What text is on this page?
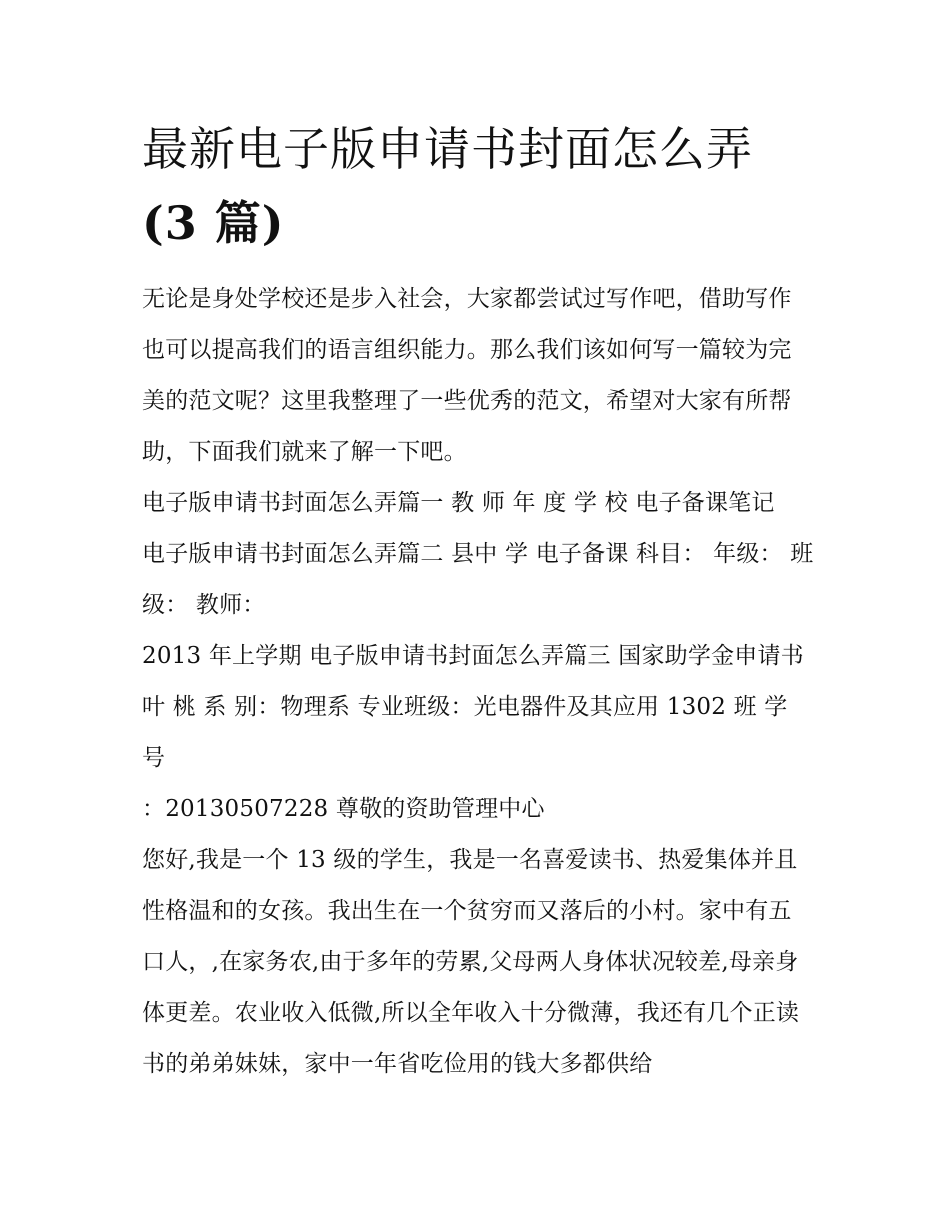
最新电子版申请书封面怎么弄
(3 篇)

无论是身处学校还是步入社会，大家都尝试过写作吧，借助写作也可以提高我们的语言组织能力。那么我们该如何写一篇较为完美的范文呢？这里我整理了一些优秀的范文，希望对大家有所帮助，下面我们就来了解一下吧。

电子版申请书封面怎么弄篇一 教 师 年 度 学 校 电子备课笔记

电子版申请书封面怎么弄篇二 县中 学 电子备课 科目： 年级： 班级： 教师：

2013 年上学期 电子版申请书封面怎么弄篇三 国家助学金申请书 叶 桃 系 别：物理系 专业班级：光电器件及其应用 1302 班 学 号

：20130507228 尊敬的资助管理中心

您好,我是一个 13 级的学生，我是一名喜爱读书、热爱集体并且性格温和的女孩。我出生在一个贫穷而又落后的小村。家中有五口人，,在家务农,由于多年的劳累,父母两人身体状况较差,母亲身体更差。农业收入低微,所以全年收入十分微薄，我还有几个正读书的弟弟妹妹，家中一年省吃俭用的钱大多都供给
